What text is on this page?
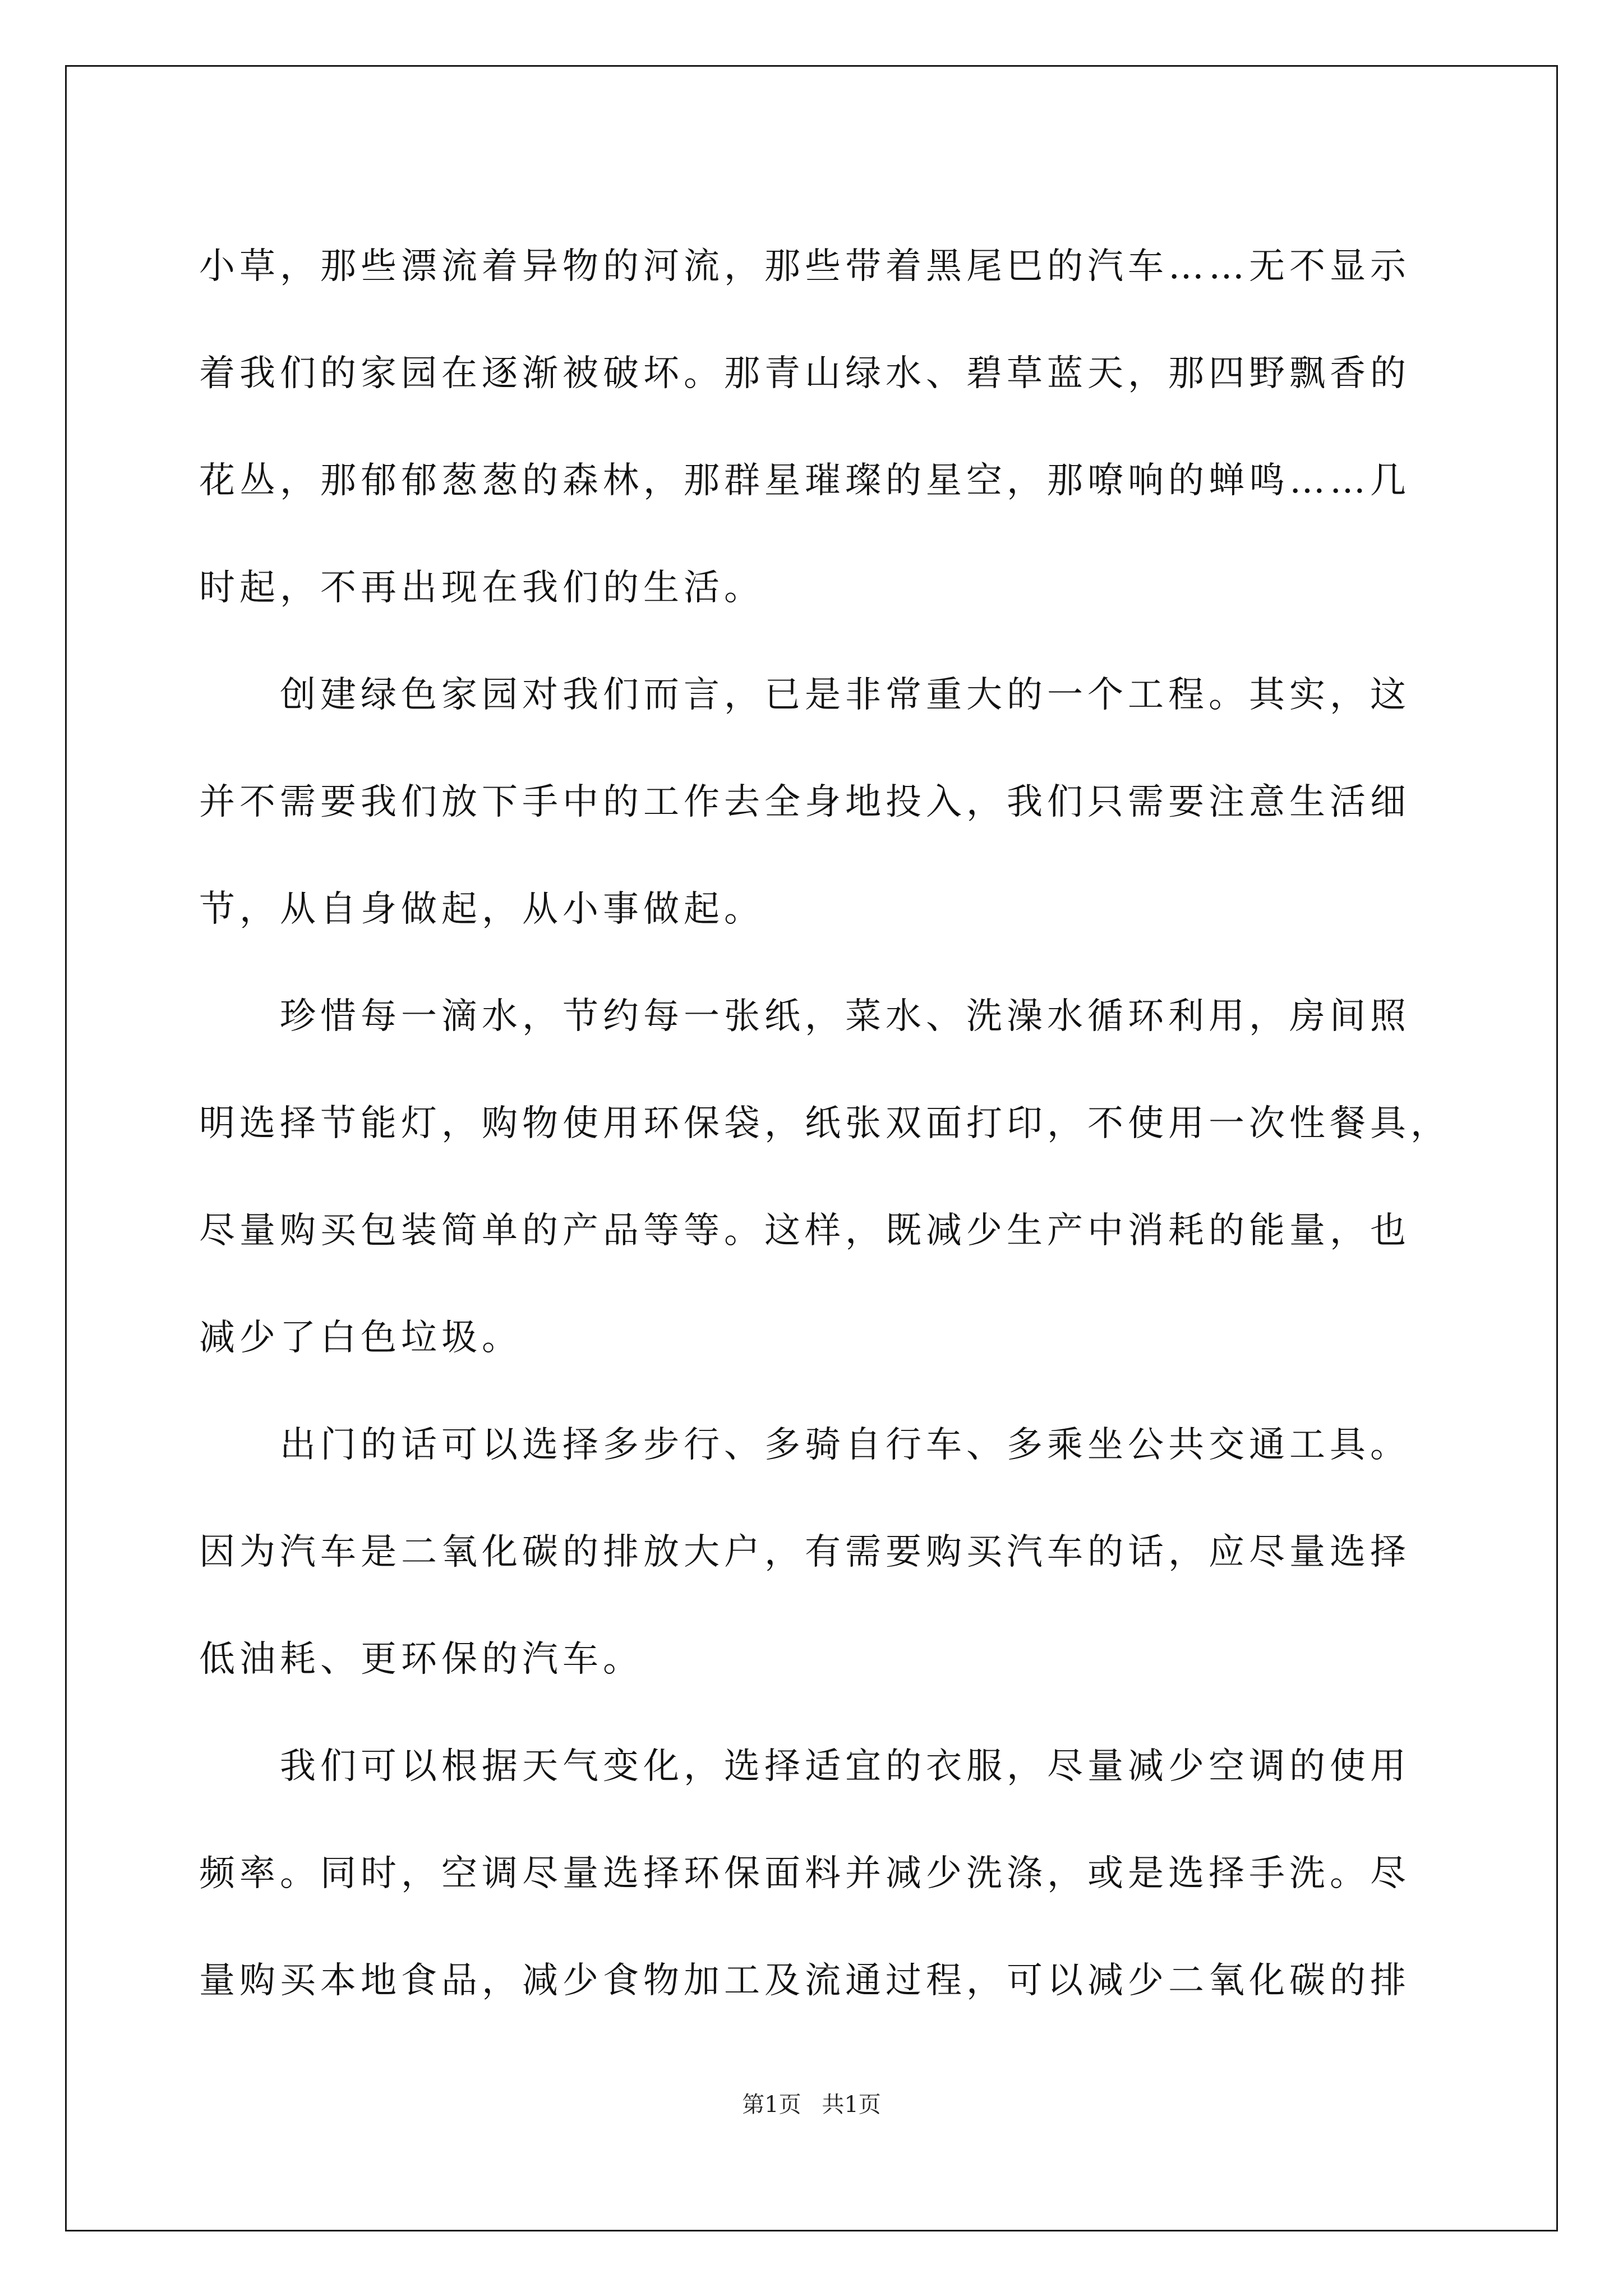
小草，那些漂流着异物的河流，那些带着黑尾巴的汽车……无不显示
着我们的家园在逐渐被破坏。那青山绿水、碧草蓝天，那四野飘香的
花丛，那郁郁葱葱的森林，那群星璀璨的星空，那嘹响的蝉鸣……几
时起，不再出现在我们的生活。
创建绿色家园对我们而言，已是非常重大的一个工程。其实，这
并不需要我们放下手中的工作去全身地投入，我们只需要注意生活细
节，从自身做起，从小事做起。
珍惜每一滴水，节约每一张纸，菜水、洗澡水循环利用，房间照
明选择节能灯，购物使用环保袋，纸张双面打印，不使用一次性餐具，
尽量购买包装简单的产品等等。这样，既减少生产中消耗的能量，也
减少了白色垃圾。
出门的话可以选择多步行、多骑自行车、多乘坐公共交通工具。
因为汽车是二氧化碳的排放大户，有需要购买汽车的话，应尽量选择
低油耗、更环保的汽车。
我们可以根据天气变化，选择适宜的衣服，尽量减少空调的使用
频率。同时，空调尽量选择环保面料并减少洗涤，或是选择手洗。尽
量购买本地食品，减少食物加工及流通过程，可以减少二氧化碳的排
第1页 共1页
